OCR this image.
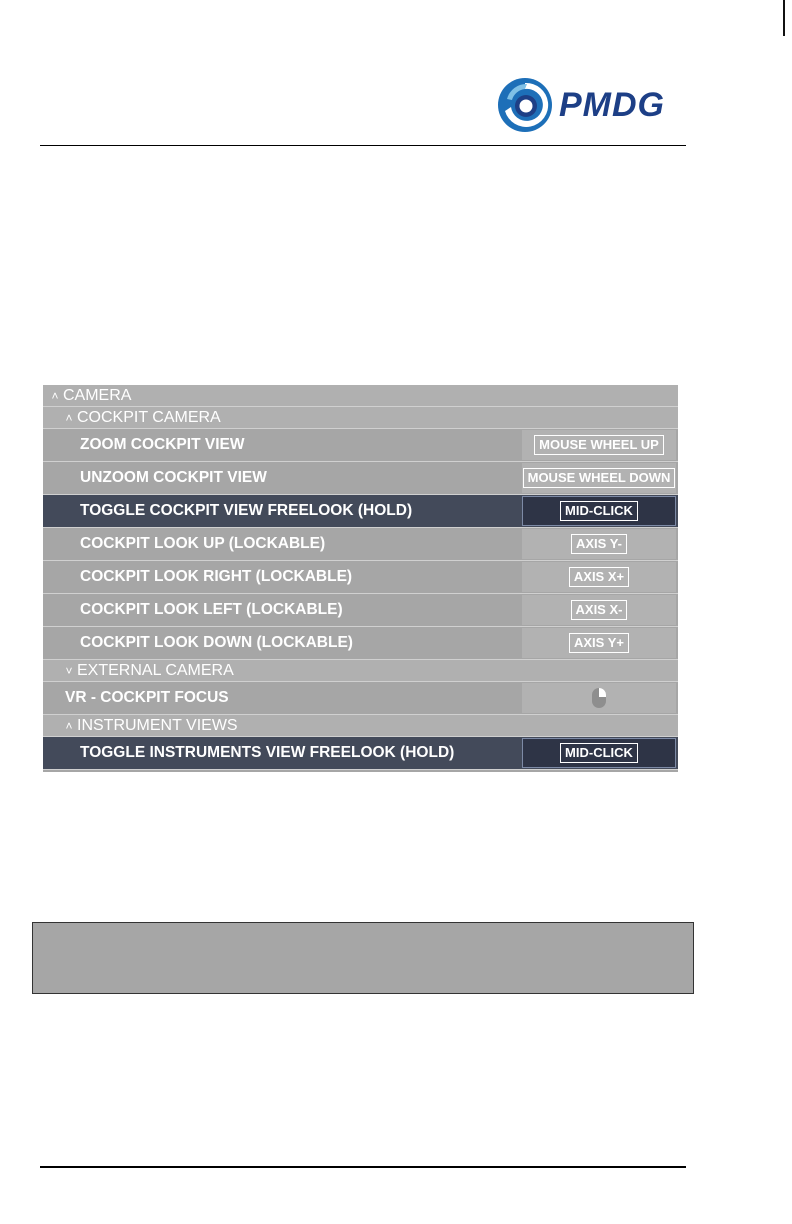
PMDG
˄ CAMERA
˄ COCKPIT CAMERA
ZOOM COCKPIT VIEW	MOUSE WHEEL UP
UNZOOM COCKPIT VIEW	MOUSE WHEEL DOWN
TOGGLE COCKPIT VIEW FREELOOK (HOLD)	MID-CLICK
COCKPIT LOOK UP (LOCKABLE)	AXIS Y-
COCKPIT LOOK RIGHT (LOCKABLE)	AXIS X+
COCKPIT LOOK LEFT (LOCKABLE)	AXIS X-
COCKPIT LOOK DOWN (LOCKABLE)	AXIS Y+
˅ EXTERNAL CAMERA
VR - COCKPIT FOCUS
˄ INSTRUMENT VIEWS
TOGGLE INSTRUMENTS VIEW FREELOOK (HOLD)	MID-CLICK
